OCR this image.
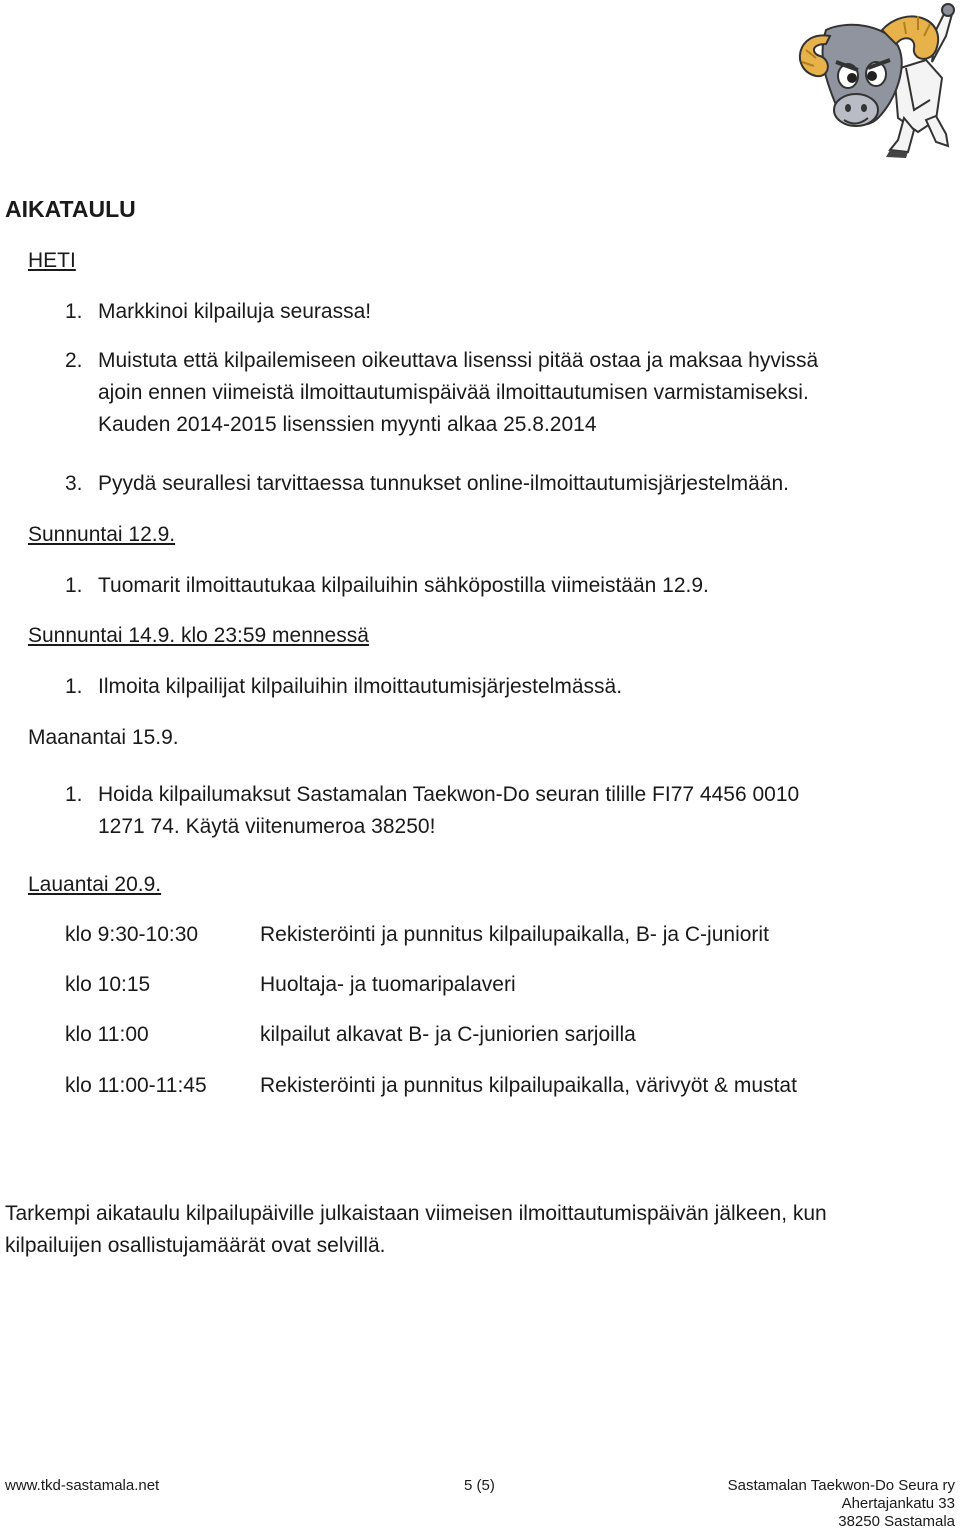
AIKATAULU
HETI
1. Markkinoi kilpailuja seurassa!
2. Muistuta että kilpailemiseen oikeuttava lisenssi pitää ostaa ja maksaa hyvissä
ajoin ennen viimeistä ilmoittautumispäivää ilmoittautumisen varmistamiseksi.
Kauden 2014-2015 lisenssien myynti alkaa 25.8.2014
3. Pyydä seurallesi tarvittaessa tunnukset online-ilmoittautumisjärjestelmään.
Sunnuntai 12.9.
1. Tuomarit ilmoittautukaa kilpailuihin sähköpostilla viimeistään 12.9.
Sunnuntai 14.9. klo 23:59 mennessä
1. Ilmoita kilpailijat kilpailuihin ilmoittautumisjärjestelmässä.
Maanantai 15.9.
1. Hoida kilpailumaksut Sastamalan Taekwon-Do seuran tilille FI77 4456 0010
1271 74. Käytä viitenumeroa 38250!
Lauantai 20.9.
klo 9:30-10:30	Rekisteröinti ja punnitus kilpailupaikalla, B- ja C-juniorit
klo 10:15	Huoltaja- ja tuomaripalaveri
klo 11:00	kilpailut alkavat B- ja C-juniorien sarjoilla
klo 11:00-11:45	Rekisteröinti ja punnitus kilpailupaikalla, värivyöt & mustat
Tarkempi aikataulu kilpailupäiville julkaistaan viimeisen ilmoittautumispäivän jälkeen, kun
kilpailuijen osallistujamäärät ovat selvillä.
www.tkd-sastamala.net	5 (5)	Sastamalan Taekwon-Do Seura ry
Ahertajankatu 33
38250 Sastamala
